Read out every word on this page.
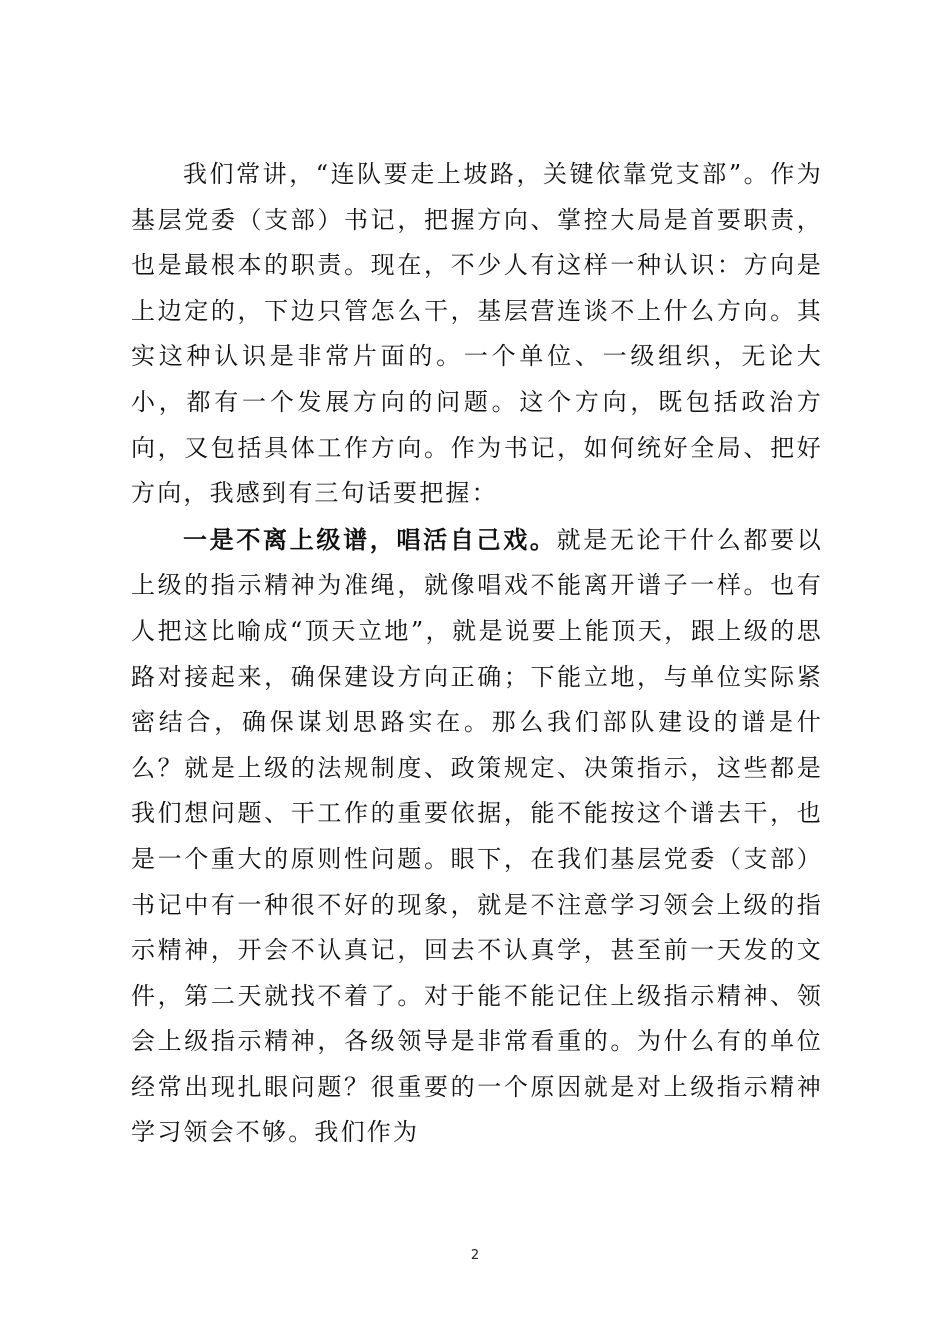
我们常讲，“连队要走上坡路，关键依靠党支部”。作为基层党委（支部）书记，把握方向、掌控大局是首要职责，也是最根本的职责。现在，不少人有这样一种认识：方向是上边定的，下边只管怎么干，基层营连谈不上什么方向。其实这种认识是非常片面的。一个单位、一级组织，无论大小，都有一个发展方向的问题。这个方向，既包括政治方向，又包括具体工作方向。作为书记，如何统好全局、把好方向，我感到有三句话要把握：

一是不离上级谱，唱活自己戏。就是无论干什么都要以上级的指示精神为准绳，就像唱戏不能离开谱子一样。也有人把这比喻成“顶天立地”，就是说要上能顶天，跟上级的思路对接起来，确保建设方向正确；下能立地，与单位实际紧密结合，确保谋划思路实在。那么我们部队建设的谱是什么？就是上级的法规制度、政策规定、决策指示，这些都是我们想问题、干工作的重要依据，能不能按这个谱去干，也是一个重大的原则性问题。眼下，在我们基层党委（支部）书记中有一种很不好的现象，就是不注意学习领会上级的指示精神，开会不认真记，回去不认真学，甚至前一天发的文件，第二天就找不着了。对于能不能记住上级指示精神、领会上级指示精神，各级领导是非常看重的。为什么有的单位经常出现扎眼问题？很重要的一个原因就是对上级指示精神学习领会不够。我们作为

2
